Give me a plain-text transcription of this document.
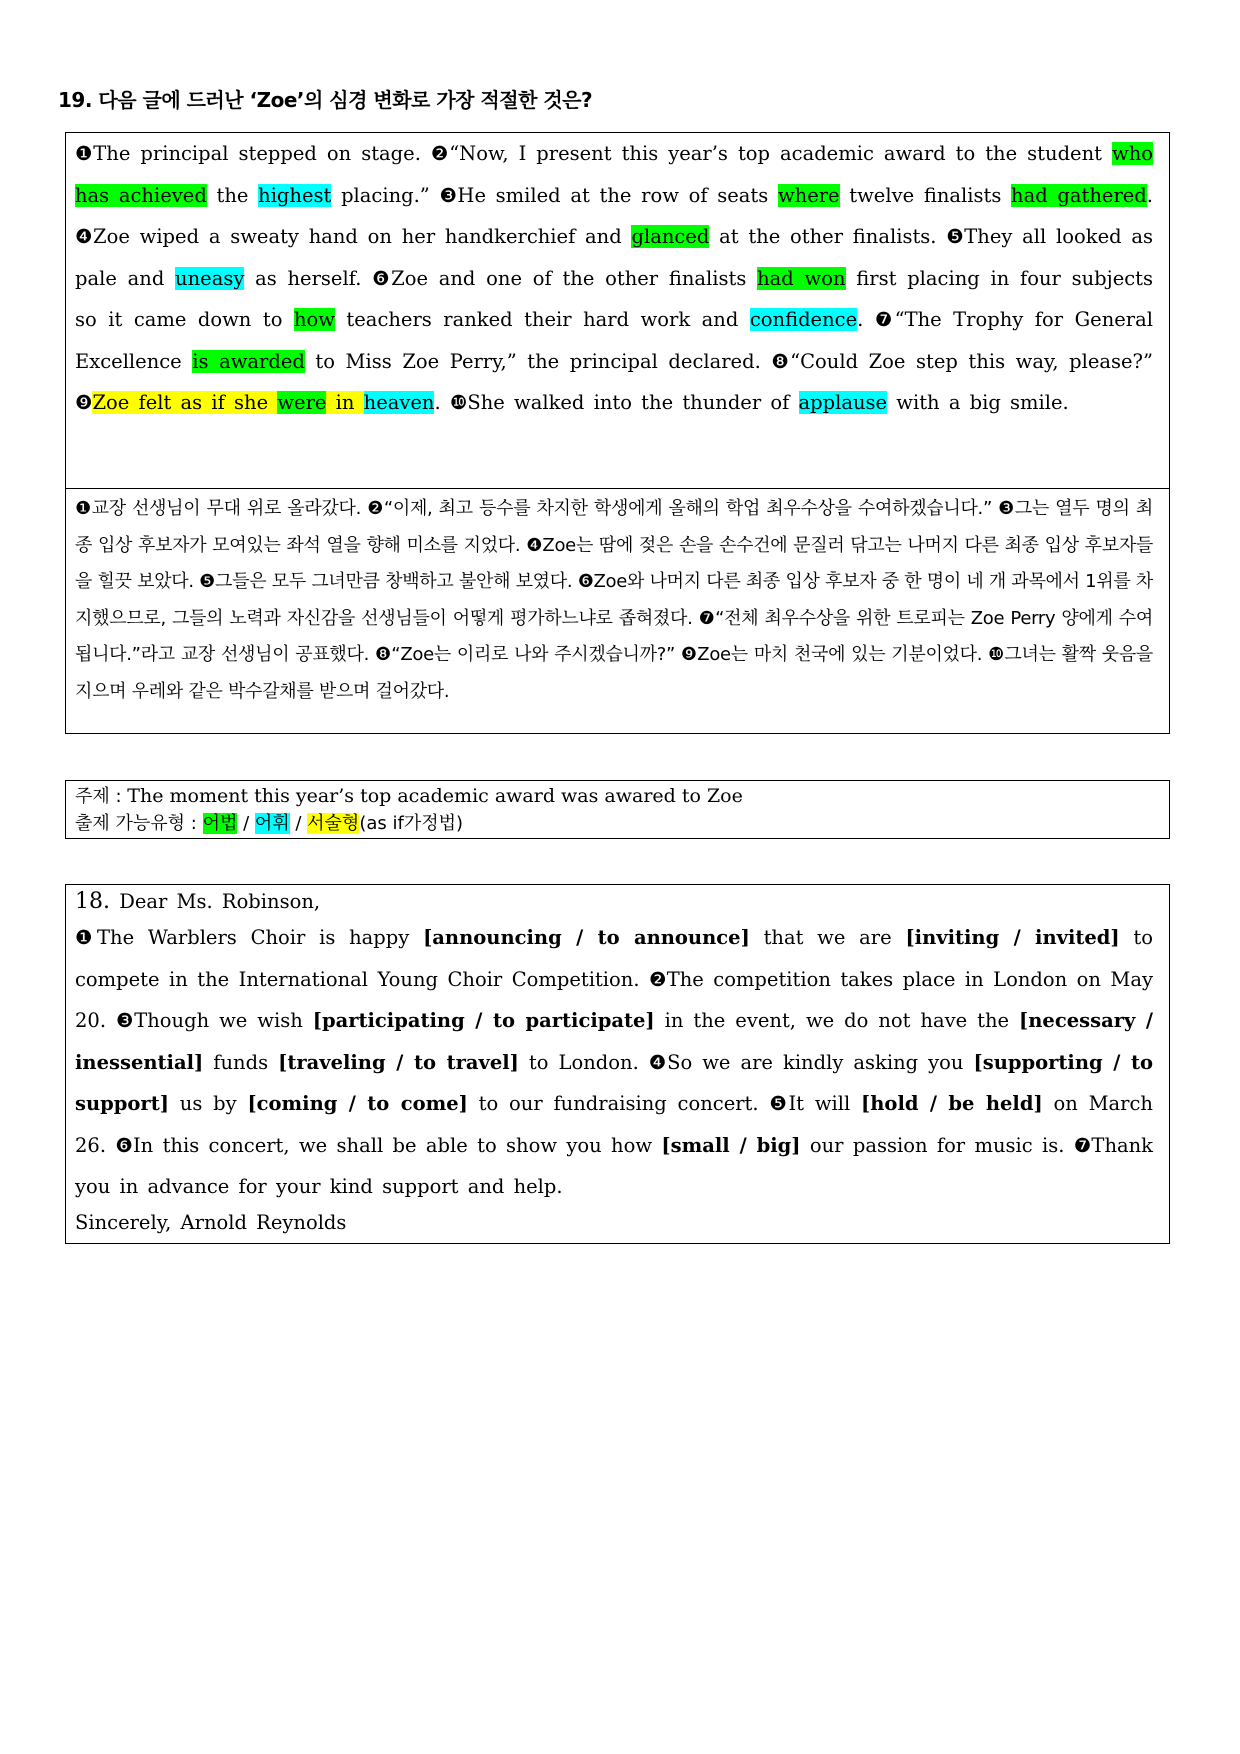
19. 다음 글에 드러난 ‘Zoe’의 심경 변화로 가장 적절한 것은?

❶The principal stepped on stage. ❷“Now, I present this year’s top academic award to the student who has achieved the highest placing.” ❸He smiled at the row of seats where twelve finalists had gathered. ❹Zoe wiped a sweaty hand on her handkerchief and glanced at the other finalists. ❺They all looked as pale and uneasy as herself. ❻Zoe and one of the other finalists had won first placing in four subjects so it came down to how teachers ranked their hard work and confidence. ❼“The Trophy for General Excellence is awarded to Miss Zoe Perry,” the principal declared. ❽“Could Zoe step this way, please?” ❾Zoe felt as if she were in heaven. ❿She walked into the thunder of applause with a big smile.

❶교장 선생님이 무대 위로 올라갔다. ❷“이제, 최고 등수를 차지한 학생에게 올해의 학업 최우수상을 수여하겠습니다.” ❸그는 열두 명의 최종 입상 후보자가 모여있는 좌석 열을 향해 미소를 지었다. ❹Zoe는 땀에 젖은 손을 손수건에 문질러 닦고는 나머지 다른 최종 입상 후보자들을 힐끗 보았다. ❺그들은 모두 그녀만큼 창백하고 불안해 보였다. ❻Zoe와 나머지 다른 최종 입상 후보자 중 한 명이 네 개 과목에서 1위를 차지했으므로, 그들의 노력과 자신감을 선생님들이 어떻게 평가하느냐로 좁혀졌다. ❼“전체 최우수상을 위한 트로피는 Zoe Perry 양에게 수여됩니다.”라고 교장 선생님이 공표했다. ❽“Zoe는 이리로 나와 주시겠습니까?” ❾Zoe는 마치 천국에 있는 기분이었다. ❿그녀는 활짝 웃음을 지으며 우레와 같은 박수갈채를 받으며 걸어갔다.

주제 : The moment this year’s top academic award was awared to Zoe
출제 가능유형 : 어법 / 어휘 / 서술형(as if가정법)

18. Dear Ms. Robinson,

❶The Warblers Choir is happy [announcing / to announce] that we are [inviting / invited] to compete in the International Young Choir Competition. ❷The competition takes place in London on May 20. ❸Though we wish [participating / to participate] in the event, we do not have the [necessary / inessential] funds [traveling / to travel] to London. ❹So we are kindly asking you [supporting / to support] us by [coming / to come] to our fundraising concert. ❺It will [hold / be held] on March 26. ❻In this concert, we shall be able to show you how [small / big] our passion for music is. ❼Thank you in advance for your kind support and help.

Sincerely, Arnold Reynolds
